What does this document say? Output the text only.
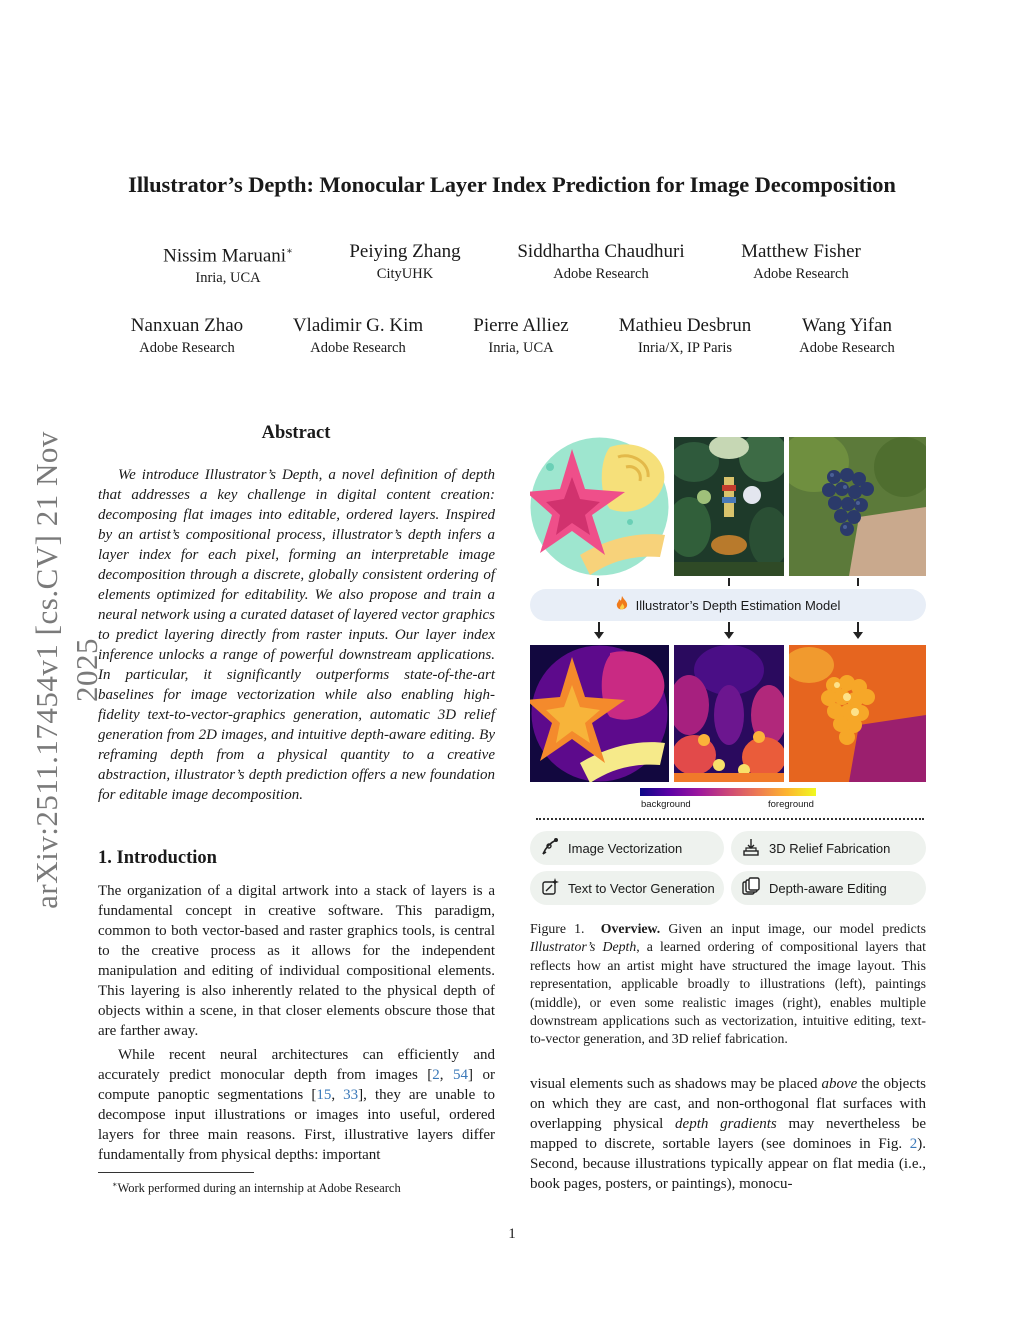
arXiv:2511.17454v1 [cs.CV] 21 Nov 2025
Illustrator’s Depth: Monocular Layer Index Prediction for Image Decomposition
Nissim Maruani∗
Inria, UCA
Peiying Zhang
CityUHK
Siddhartha Chaudhuri
Adobe Research
Matthew Fisher
Adobe Research
Nanxuan Zhao
Adobe Research
Vladimir G. Kim
Adobe Research
Pierre Alliez
Inria, UCA
Mathieu Desbrun
Inria/X, IP Paris
Wang Yifan
Adobe Research
Abstract
We introduce Illustrator’s Depth, a novel definition of depth that addresses a key challenge in digital content creation: decomposing flat images into editable, ordered layers. Inspired by an artist’s compositional process, illustrator’s depth infers a layer index for each pixel, forming an interpretable image decomposition through a discrete, globally consistent ordering of elements optimized for editability. We also propose and train a neural network using a curated dataset of layered vector graphics to predict layering directly from raster inputs. Our layer index inference unlocks a range of powerful downstream applications. In particular, it significantly outperforms state-of-the-art baselines for image vectorization while also enabling high-fidelity text-to-vector-graphics generation, automatic 3D relief generation from 2D images, and intuitive depth-aware editing. By reframing depth from a physical quantity to a creative abstraction, illustrator’s depth prediction offers a new foundation for editable image decomposition.
1. Introduction
The organization of a digital artwork into a stack of layers is a fundamental concept in creative software. This paradigm, common to both vector-based and raster graphics tools, is central to the creative process as it allows for the independent manipulation and editing of individual compositional elements. This layering is also inherently related to the physical depth of objects within a scene, in that closer elements obscure those that are farther away.
While recent neural architectures can efficiently and accurately predict monocular depth from images [2, 54] or compute panoptic segmentations [15, 33], they are unable to decompose input illustrations or images into useful, ordered layers for three main reasons. First, illustrative layers differ fundamentally from physical depths: important
∗Work performed during an internship at Adobe Research
Illustrator’s Depth Estimation Model
background	foreground
Image Vectorization	3D Relief Fabrication
Text to Vector Generation	Depth-aware Editing
Figure 1. Overview. Given an input image, our model predicts Illustrator’s Depth, a learned ordering of compositional layers that reflects how an artist might have structured the image layout. This representation, applicable broadly to illustrations (left), paintings (middle), or even some realistic images (right), enables multiple downstream applications such as vectorization, intuitive editing, text-to-vector generation, and 3D relief fabrication.
visual elements such as shadows may be placed above the objects on which they are cast, and non-orthogonal flat surfaces with overlapping physical depth gradients may nevertheless be mapped to discrete, sortable layers (see dominoes in Fig. 2). Second, because illustrations typically appear on flat media (i.e., book pages, posters, or paintings), monocu-
1
